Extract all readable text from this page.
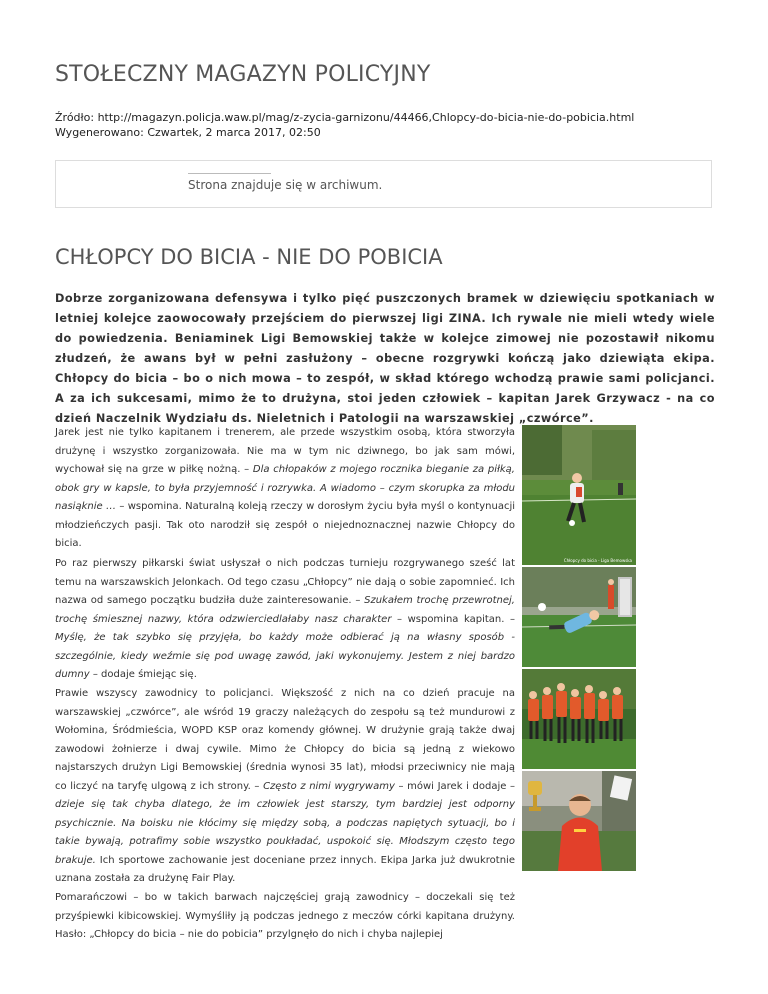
STOŁECZNY MAGAZYN POLICYJNY
Źródło: http://magazyn.policja.waw.pl/mag/z-zycia-garnizonu/44466,Chlopcy-do-bicia-nie-do-pobicia.html
Wygenerowano: Czwartek, 2 marca 2017, 02:50
Strona znajduje się w archiwum.
CHŁOPCY DO BICIA - NIE DO POBICIA

Dobrze zorganizowana defensywa i tylko pięć puszczonych bramek w dziewięciu spotkaniach w letniej kolejce zaowocowały przejściem do pierwszej ligi ZINA. Ich rywale nie mieli wtedy wiele do powiedzenia. Beniaminek Ligi Bemowskiej także w kolejce zimowej nie pozostawił nikomu złudzeń, że awans był w pełni zasłużony – obecne rozgrywki kończą jako dziewiąta ekipa. Chłopcy do bicia – bo o nich mowa – to zespół, w skład którego wchodzą prawie sami policjanci. A za ich sukcesami, mimo że to drużyna, stoi jeden człowiek – kapitan Jarek Grzywacz - na co dzień Naczelnik Wydziału ds. Nieletnich i Patologii na warszawskiej „czwórce”.

Jarek jest nie tylko kapitanem i trenerem, ale przede wszystkim osobą, która stworzyła drużynę i wszystko zorganizowała. Nie ma w tym nic dziwnego, bo jak sam mówi, wychował się na grze w piłkę nożną. – Dla chłopaków z mojego rocznika bieganie za piłką, obok gry w kapsle, to była przyjemność i rozrywka. A wiadomo – czym skorupka za młodu nasiąknie … – wspomina. Naturalną koleją rzeczy w dorosłym życiu była myśl o kontynuacji młodzieńczych pasji. Tak oto narodził się zespół o niejednoznacznej nazwie Chłopcy do bicia.

Po raz pierwszy piłkarski świat usłyszał o nich podczas turnieju rozgrywanego sześć lat temu na warszawskich Jelonkach. Od tego czasu „Chłopcy” nie dają o sobie zapomnieć. Ich nazwa od samego początku budziła duże zainteresowanie. – Szukałem trochę przewrotnej, trochę śmiesznej nazwy, która odzwierciedlałaby nasz charakter – wspomina kapitan. – Myślę, że tak szybko się przyjęła, bo każdy może odbierać ją na własny sposób - szczególnie, kiedy weźmie się pod uwagę zawód, jaki wykonujemy. Jestem z niej bardzo dumny – dodaje śmiejąc się.

Prawie wszyscy zawodnicy to policjanci. Większość z nich na co dzień pracuje na warszawskiej „czwórce”, ale wśród 19 graczy należących do zespołu są też mundurowi z Wołomina, Śródmieścia, WOPD KSP oraz komendy głównej. W drużynie grają także dwaj zawodowi żołnierze i dwaj cywile. Mimo że Chłopcy do bicia są jedną z wiekowo najstarszych drużyn Ligi Bemowskiej (średnia wynosi 35 lat), młodsi przeciwnicy nie mają co liczyć na taryfę ulgową z ich strony. – Często z nimi wygrywamy – mówi Jarek i dodaje – dzieje się tak chyba dlatego, że im człowiek jest starszy, tym bardziej jest odporny psychicznie. Na boisku nie kłócimy się między sobą, a podczas napiętych sytuacji, bo i takie bywają, potrafimy sobie wszystko poukładać, uspokoić się. Młodszym często tego brakuje. Ich sportowe zachowanie jest doceniane przez innych. Ekipa Jarka już dwukrotnie uznana została za drużynę Fair Play.

Pomarańczowi – bo w takich barwach najczęściej grają zawodnicy – doczekali się też przyśpiewki kibicowskiej. Wymyśliły ją podczas jednego z meczów córki kapitana drużyny. Hasło: „Chłopcy do bicia – nie do pobicia” przylgnęło do nich i chyba najlepiej

Chłopcy do bicia - Liga Bemowska
